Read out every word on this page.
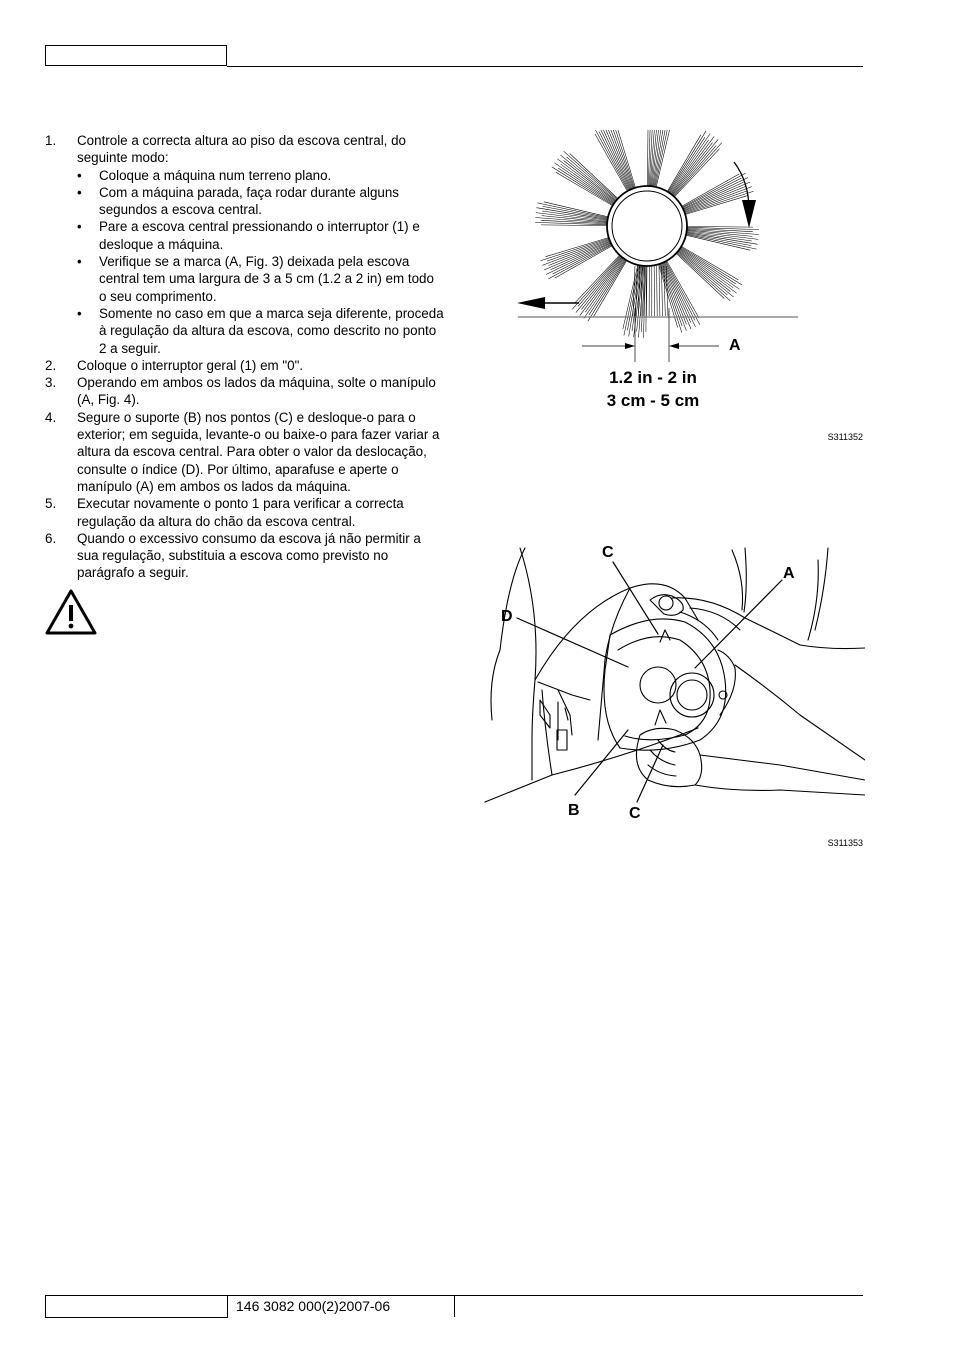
1. Controle a correcta altura ao piso da escova central, do seguinte modo:
• Coloque a máquina num terreno plano.
• Com a máquina parada, faça rodar durante alguns segundos a escova central.
• Pare a escova central pressionando o interruptor (1) e desloque a máquina.
• Verifique se a marca (A, Fig. 3) deixada pela escova central tem uma largura de 3 a 5 cm (1.2 a 2 in) em todo o seu comprimento.
• Somente no caso em que a marca seja diferente, proceda à regulação da altura da escova, como descrito no ponto 2 a seguir.
2. Coloque o interruptor geral (1) em "0".
3. Operando em ambos os lados da máquina, solte o manípulo (A, Fig. 4).
4. Segure o suporte (B) nos pontos (C) e desloque-o para o exterior; em seguida, levante-o ou baixe-o para fazer variar a altura da escova central. Para obter o valor da deslocação, consulte o índice (D). Por último, aparafuse e aperte o manípulo (A) em ambos os lados da máquina.
5. Executar novamente o ponto 1 para verificar a correcta regulação da altura do chão da escova central.
6. Quando o excessivo consumo da escova já não permitir a sua regulação, substituia a escova como previsto no parágrafo a seguir.
A
1.2 in - 2 in
3 cm - 5 cm
S311352
C
A
D
B	C
S311353
146 3082 000(2)2007-06
